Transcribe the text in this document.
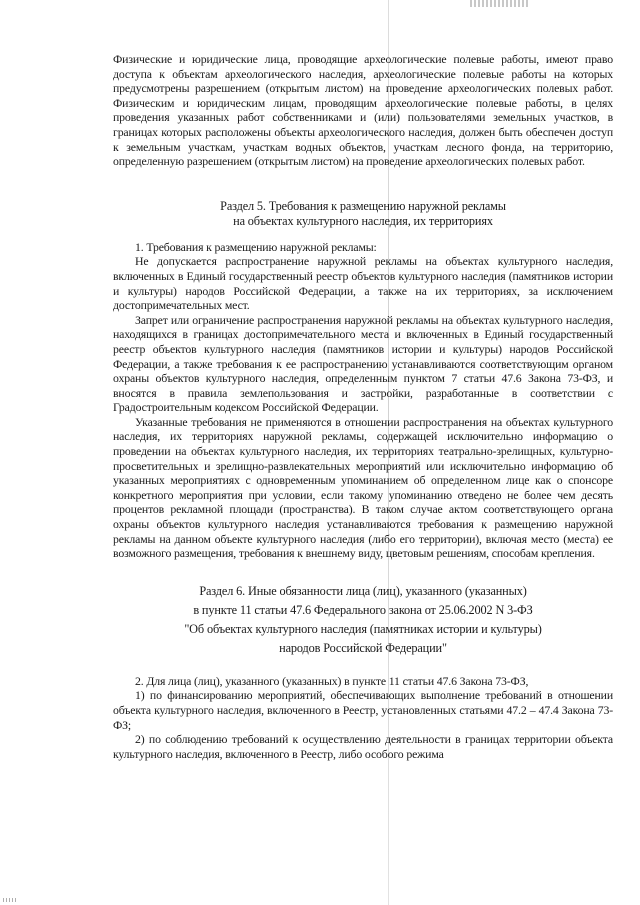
Физические и юридические лица, проводящие археологические полевые работы, имеют право доступа к объектам археологического наследия, археологические полевые работы на которых предусмотрены разрешением (открытым листом) на проведение археологических полевых работ. Физическим и юридическим лицам, проводящим археологические полевые работы, в целях проведения указанных работ собственниками и (или) пользователями земельных участков, в границах которых расположены объекты археологического наследия, должен быть обеспечен доступ к земельным участкам, участкам водных объектов, участкам лесного фонда, на территорию, определенную разрешением (открытым листом) на проведение археологических полевых работ.

Раздел 5. Требования к размещению наружной рекламы

на объектах культурного наследия, их территориях

1. Требования к размещению наружной рекламы:

Не допускается распространение наружной рекламы на объектах культурного наследия, включенных в Единый государственный реестр объектов культурного наследия (памятников истории и культуры) народов Российской Федерации, а также на их территориях, за исключением достопримечательных мест.

Запрет или ограничение распространения наружной рекламы на объектах культурного наследия, находящихся в границах достопримечательного места и включенных в Единый государственный реестр объектов культурного наследия (памятников истории и культуры) народов Российской Федерации, а также требования к ее распространению устанавливаются соответствующим органом охраны объектов культурного наследия, определенным пунктом 7 статьи 47.6 Закона 73-ФЗ, и вносятся в правила землепользования и застройки, разработанные в соответствии с Градостроительным кодексом Российской Федерации.

Указанные требования не применяются в отношении распространения на объектах культурного наследия, их территориях наружной рекламы, содержащей исключительно информацию о проведении на объектах культурного наследия, их территориях театрально-зрелищных, культурно-просветительных и зрелищно-развлекательных мероприятий или исключительно информацию об указанных мероприятиях с одновременным упоминанием об определенном лице как о спонсоре конкретного мероприятия при условии, если такому упоминанию отведено не более чем десять процентов рекламной площади (пространства). В таком случае актом соответствующего органа охраны объектов культурного наследия устанавливаются требования к размещению наружной рекламы на данном объекте культурного наследия (либо его территории), включая место (места) ее возможного размещения, требования к внешнему виду, цветовым решениям, способам крепления.

Раздел 6. Иные обязанности лица (лиц), указанного (указанных)

в пункте 11 статьи 47.6 Федерального закона от 25.06.2002 N 3-ФЗ

"Об объектах культурного наследия (памятниках истории и культуры)

народов Российской Федерации"

2. Для лица (лиц), указанного (указанных) в пункте 11 статьи 47.6 Закона 73-ФЗ,

1) по финансированию мероприятий, обеспечивающих выполнение требований в отношении объекта культурного наследия, включенного в Реестр, установленных статьями 47.2 – 47.4 Закона 73-ФЗ;

2) по соблюдению требований к осуществлению деятельности в границах территории объекта культурного наследия, включенного в Реестр, либо особого режима
